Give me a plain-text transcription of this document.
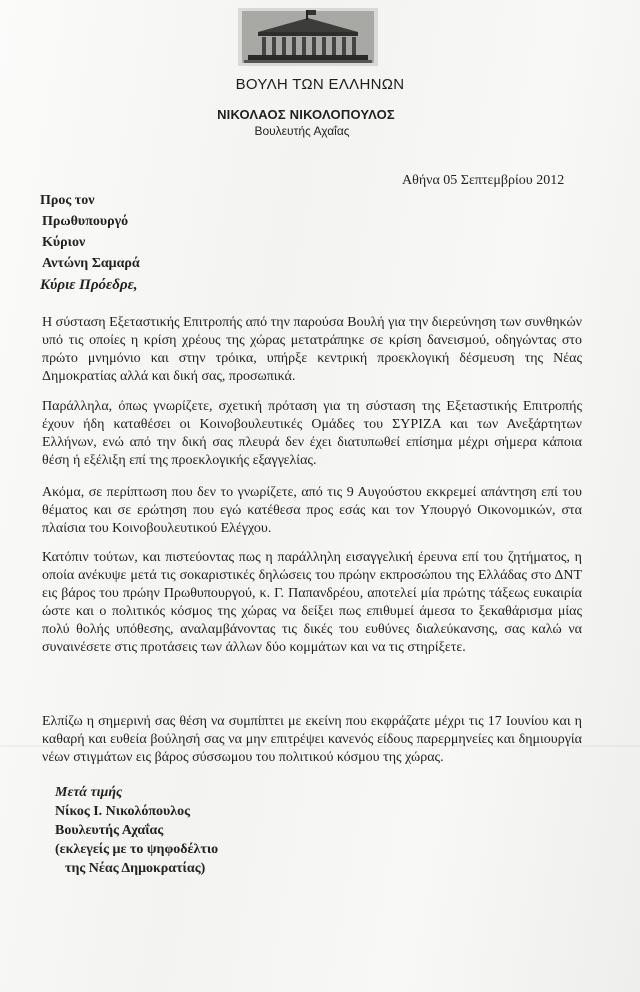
ΒΟΥΛΗ ΤΩΝ ΕΛΛΗΝΩΝ
ΝΙΚΟΛΑΟΣ ΝΙΚΟΛΟΠΟΥΛΟΣ
Βουλευτής Αχαΐας
Αθήνα 05 Σεπτεμβρίου 2012
Προς τον
Πρωθυπουργό
Κύριον
Αντώνη Σαμαρά
Κύριε Πρόεδρε,
Η σύσταση Εξεταστικής Επιτροπής από την παρούσα Βουλή για την διερεύνηση των συνθηκών υπό τις οποίες η κρίση χρέους της χώρας μετατράπηκε σε κρίση δανεισμού, οδηγώντας στο πρώτο μνημόνιο και στην τρόικα, υπήρξε κεντρική προεκλογική δέσμευση της Νέας Δημοκρατίας αλλά και δική σας, προσωπικά.
Παράλληλα, όπως γνωρίζετε, σχετική πρόταση για τη σύσταση της Εξεταστικής Επιτροπής έχουν ήδη καταθέσει οι Κοινοβουλευτικές Ομάδες του ΣΥΡΙΖΑ και των Ανεξάρτητων Ελλήνων, ενώ από την δική σας πλευρά δεν έχει διατυπωθεί επίσημα μέχρι σήμερα κάποια θέση ή εξέλιξη επί της προεκλογικής εξαγγελίας.
Ακόμα, σε περίπτωση που δεν το γνωρίζετε, από τις 9 Αυγούστου εκκρεμεί απάντηση επί του θέματος και σε ερώτηση που εγώ κατέθεσα προς εσάς και τον Υπουργό Οικονομικών, στα πλαίσια του Κοινοβουλευτικού Ελέγχου.
Κατόπιν τούτων, και πιστεύοντας πως η παράλληλη εισαγγελική έρευνα επί του ζητήματος, η οποία ανέκυψε μετά τις σοκαριστικές δηλώσεις του πρώην εκπροσώπου της Ελλάδας στο ΔΝΤ εις βάρος του πρώην Πρωθυπουργού, κ. Γ. Παπανδρέου, αποτελεί μία πρώτης τάξεως ευκαιρία ώστε και ο πολιτικός κόσμος της χώρας να δείξει πως επιθυμεί άμεσα το ξεκαθάρισμα μίας πολύ θολής υπόθεσης, αναλαμβάνοντας τις δικές του ευθύνες διαλεύκανσης, σας καλώ να συναινέσετε στις προτάσεις των άλλων δύο κομμάτων και να τις στηρίξετε.
Ελπίζω η σημερινή σας θέση να συμπίπτει με εκείνη που εκφράζατε μέχρι τις 17 Ιουνίου και η καθαρή και ευθεία βούλησή σας να μην επιτρέψει κανενός είδους παρερμηνείες και δημιουργία νέων στιγμάτων εις βάρος σύσσωμου του πολιτικού κόσμου της χώρας.
Μετά τιμής
Νίκος Ι. Νικολόπουλος
Βουλευτής Αχαΐας
(εκλεγείς με το ψηφοδέλτιο
της Νέας Δημοκρατίας)
